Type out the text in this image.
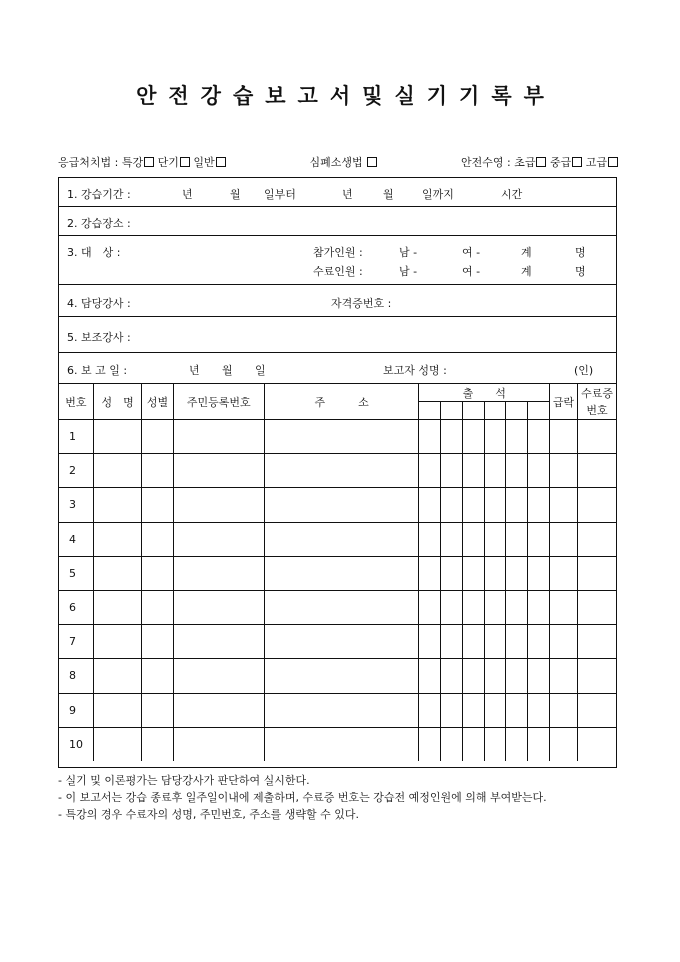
안 전 강 습 보 고 서 및 실 기 기 록 부
응급처치법 : 특강 단기 일반	심폐소생법	안전수영 : 초급 중급 고급
1. 강습기간 :	년	월 일부터	년	월	일까지	시간
2. 강습장소 :
3. 대　상 :	참가인원 :	남 -	여 -	계	명
수료인원 :	남 -	여 -	계	명
4. 담당강사 :	자격증번호 :
5. 보조강사 :
6. 보 고 일 :	년 월 일	보고자 성명 :	(인)
번호	성　명	성별	주민등록번호	주　　　소	출　　석						급락	수료증
번호

1												
2												
3												
4												
5												
6												
7												
8												
9												
10												
- 실기 및 이론평가는 담당강사가 판단하여 실시한다.
- 이 보고서는 강습 종료후 일주일이내에 제출하며, 수료증 번호는 강습전 예정인원에 의해 부여받는다.
- 특강의 경우 수료자의 성명, 주민번호, 주소를 생략할 수 있다.
